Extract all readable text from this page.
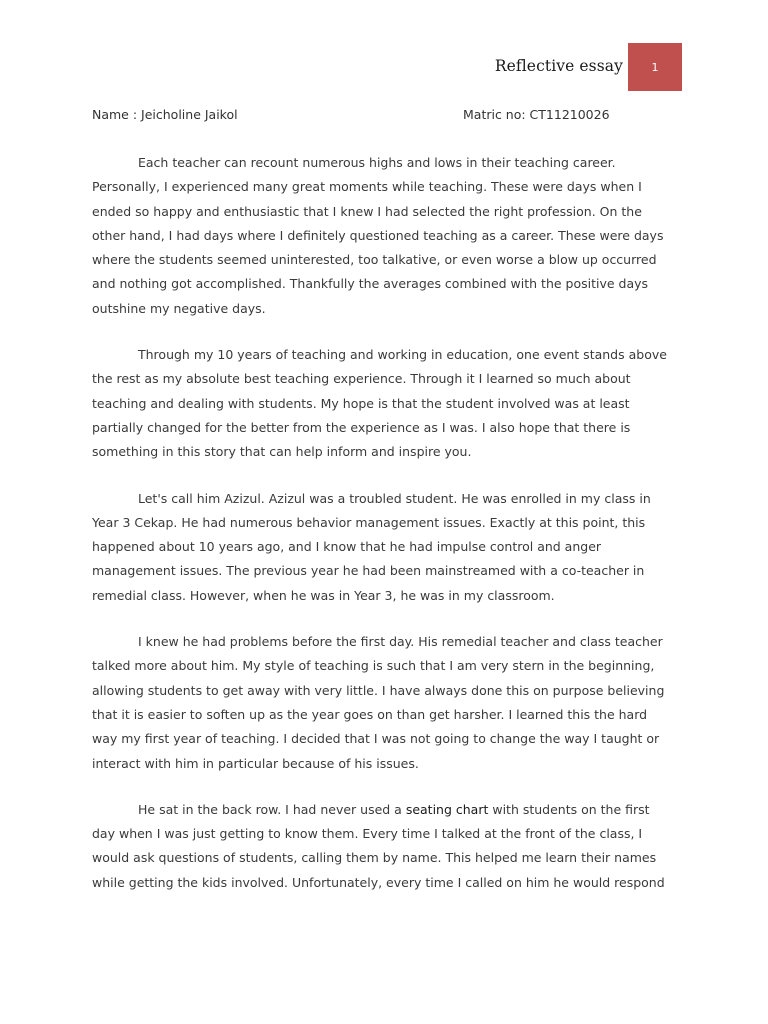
Reflective essay	1
Name : Jeicholine Jaikol	Matric no: CT11210026

Each teacher can recount numerous highs and lows in their teaching career. Personally, I experienced many great moments while teaching. These were days when I ended so happy and enthusiastic that I knew I had selected the right profession. On the other hand, I had days where I definitely questioned teaching as a career. These were days where the students seemed uninterested, too talkative, or even worse a blow up occurred and nothing got accomplished. Thankfully the averages combined with the positive days outshine my negative days.

Through my 10 years of teaching and working in education, one event stands above the rest as my absolute best teaching experience. Through it I learned so much about teaching and dealing with students. My hope is that the student involved was at least partially changed for the better from the experience as I was. I also hope that there is something in this story that can help inform and inspire you.

Let's call him Azizul. Azizul was a troubled student. He was enrolled in my class in Year 3 Cekap. He had numerous behavior management issues. Exactly at this point, this happened about 10 years ago, and I know that he had impulse control and anger management issues. The previous year he had been mainstreamed with a co-teacher in remedial class. However, when he was in Year 3, he was in my classroom.

I knew he had problems before the first day. His remedial teacher and class teacher talked more about him. My style of teaching is such that I am very stern in the beginning, allowing students to get away with very little. I have always done this on purpose believing that it is easier to soften up as the year goes on than get harsher. I learned this the hard way my first year of teaching. I decided that I was not going to change the way I taught or interact with him in particular because of his issues.

He sat in the back row. I had never used a seating chart with students on the first day when I was just getting to know them. Every time I talked at the front of the class, I would ask questions of students, calling them by name. This helped me learn their names while getting the kids involved. Unfortunately, every time I called on him he would respond
